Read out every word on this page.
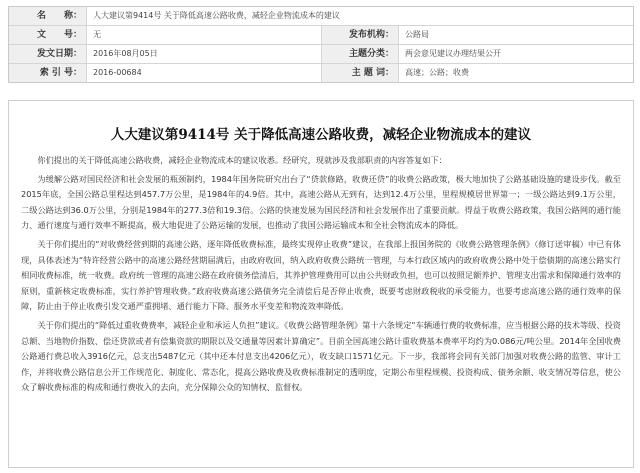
名　　称：	人大建议第9414号 关于降低高速公路收费，减轻企业物流成本的建议
文　　号：	无	发布机构：	公路局
发文日期：	2016年08月05日	主题分类：	两会意见建议办理结果公开
索 引 号：	2016-00684	主 题 词：	高速；公路；收费
人大建议第9414号 关于降低高速公路收费，减轻企业物流成本的建议

你们提出的关于降低高速公路收费，减轻企业物流成本的建议收悉。经研究，现就涉及我部职责的内容答复如下：

为缓解公路对国民经济和社会发展的瓶颈制约，1984年国务院研究出台了“贷款修路，收费还贷”的收费公路政策，极大地加快了公路基础设施的建设步伐。截至2015年底，全国公路总里程达到457.7万公里，是1984年的4.9倍。其中，高速公路从无到有，达到12.4万公里，里程规模居世界第一；一级公路达到9.1万公里，二级公路达到36.0万公里，分别是1984年的277.3倍和19.3倍。公路的快速发展为国民经济和社会发展作出了重要贡献。得益于收费公路政策，我国公路网的通行能力、通行速度与通行效率不断提高，极大地促进了公路运输的发展，也推动了我国公路运输成本和全社会物流成本的降低。

关于你们提出的“对收费经营到期的高速公路，逐年降低收费标准，最终实现停止收费”建议，在我部上报国务院的《收费公路管理条例》（修订送审稿）中已有体现，具体表述为“特许经营公路中的高速公路经营期届满后，由政府收回，纳入政府收费公路统一管理，与本行政区域内的政府收费公路中处于偿债期的高速公路实行相同收费标准，统一收费。政府统一管理的高速公路在政府债务偿清后，其养护管理费用可以由公共财政负担，也可以按照足额养护、管理支出需求和保障通行效率的原则，重新核定收费标准，实行养护管理收费。”政府收费高速公路债务完全清偿后是否停止收费，既要考虑财政税收的承受能力，也要考虑高速公路的通行效率的保障，防止由于停止收费引发交通严重拥堵、通行能力下降、服务水平变差和物流效率降低。

关于你们提出的“降低过重收费费率，减轻企业和承运人负担”建议。《收费公路管理条例》第十六条规定“车辆通行费的收费标准，应当根据公路的技术等级、投资总额、当地物价指数、偿还贷款或者有偿集资款的期限以及交通量等因素计算确定”。目前全国高速公路计重收费基本费率平均约为0.086元/吨公里。2014年全国收费公路通行费总收入3916亿元，总支出5487亿元（其中还本付息支出4206亿元），收支缺口1571亿元。下一步，我部将会同有关部门加强对收费公路的监管、审计工作，并将收费公路信息公开工作规范化、制度化、常态化，提高公路收费及收费标准制定的透明度，定期公布里程规模、投资构成、债务余额、收支情况等信息，使公众了解收费标准的构成和通行费收入的去向，充分保障公众的知情权、监督权。
